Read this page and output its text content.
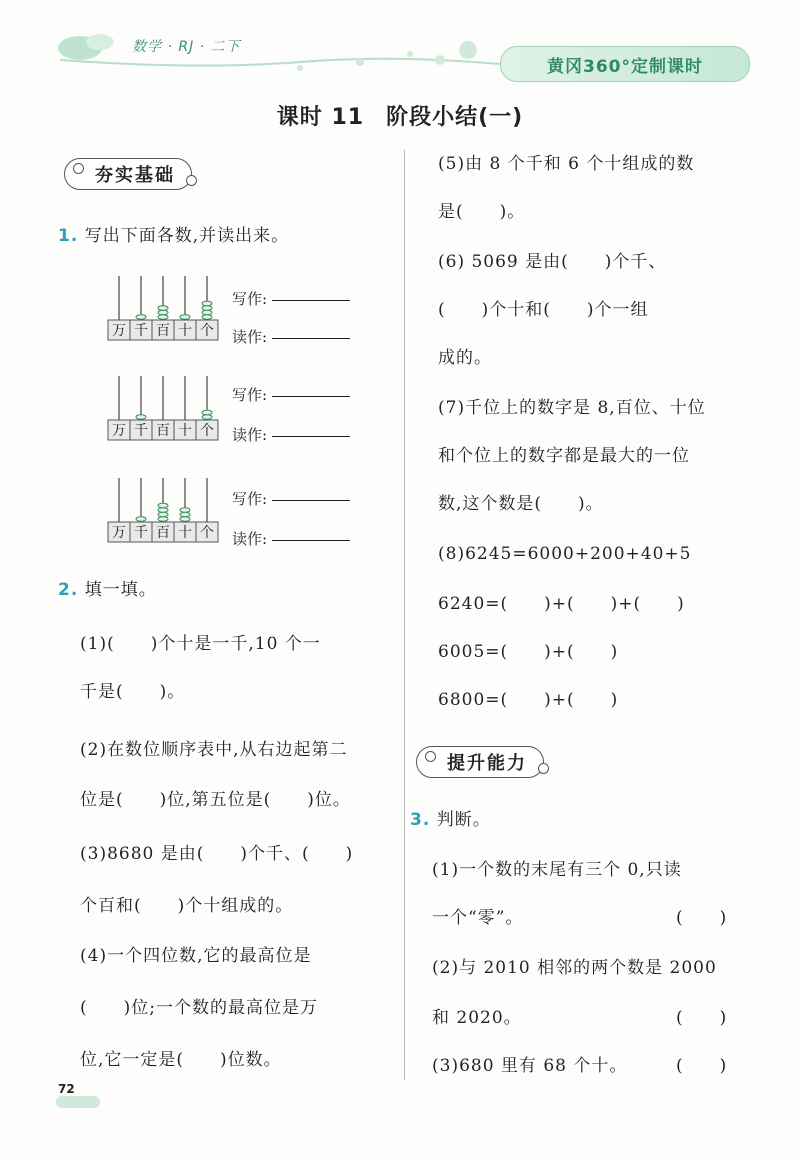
数学 · RJ · 二下
黄冈360°定制课时
课时 11 阶段小结(一)
夯实基础
1. 写出下面各数,并读出来。
万 千 百 十 个
万 千 百 十 个
万 千 百 十 个
写作:
读作:
写作:
读作:
写作:
读作:
2. 填一填。
(1)(　　)个十是一千,10 个一
千是(　　)。
(2)在数位顺序表中,从右边起第二
位是(　　)位,第五位是(　　)位。
(3)8680 是由(　　)个千、(　　)
个百和(　　)个十组成的。
(4)一个四位数,它的最高位是
(　　)位;一个数的最高位是万
位,它一定是(　　)位数。
(5)由 8 个千和 6 个十组成的数
是(　　)。
(6) 5069 是由(　　)个千、
(　　)个十和(　　)个一组
成的。
(7)千位上的数字是 8,百位、十位
和个位上的数字都是最大的一位
数,这个数是(　　)。
(8)6245=6000+200+40+5
6240=(　　)+(　　)+(　　)
6005=(　　)+(　　)
6800=(　　)+(　　)
提升能力
3. 判断。
(1)一个数的末尾有三个 0,只读
一个“零”。	(　　)
(2)与 2010 相邻的两个数是 2000
和 2020。	(　　)
(3)680 里有 68 个十。	(　　)
72
